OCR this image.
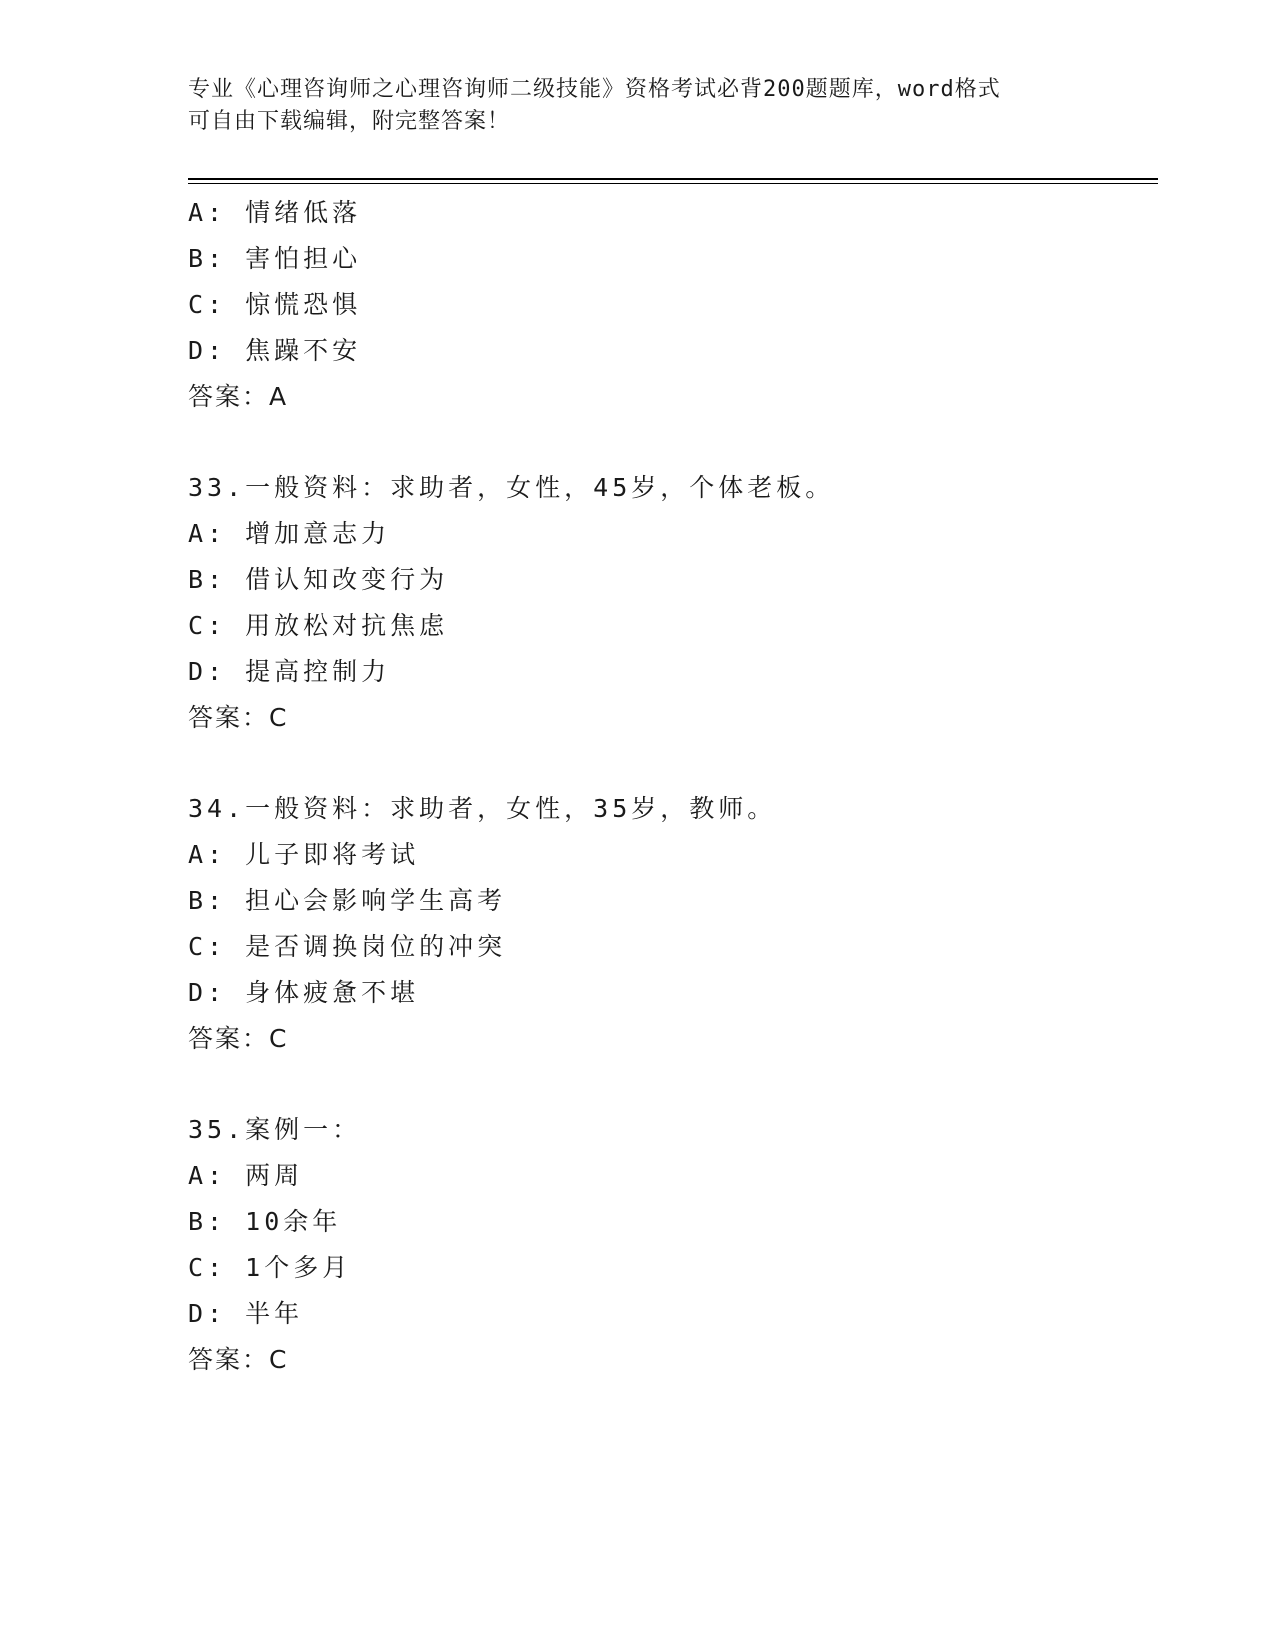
专业《心理咨询师之心理咨询师二级技能》资格考试必背200题题库，word格式
可自由下载编辑，附完整答案！
A: 情绪低落
B: 害怕担心
C: 惊慌恐惧
D: 焦躁不安
答案：A
33.一般资料：求助者，女性，45岁，个体老板。
A: 增加意志力
B: 借认知改变行为
C: 用放松对抗焦虑
D: 提高控制力
答案：C
34.一般资料：求助者，女性，35岁，教师。
A: 儿子即将考试
B: 担心会影响学生高考
C: 是否调换岗位的冲突
D: 身体疲惫不堪
答案：C
35.案例一：
A: 两周
B: 10余年
C: 1个多月
D: 半年
答案：C
